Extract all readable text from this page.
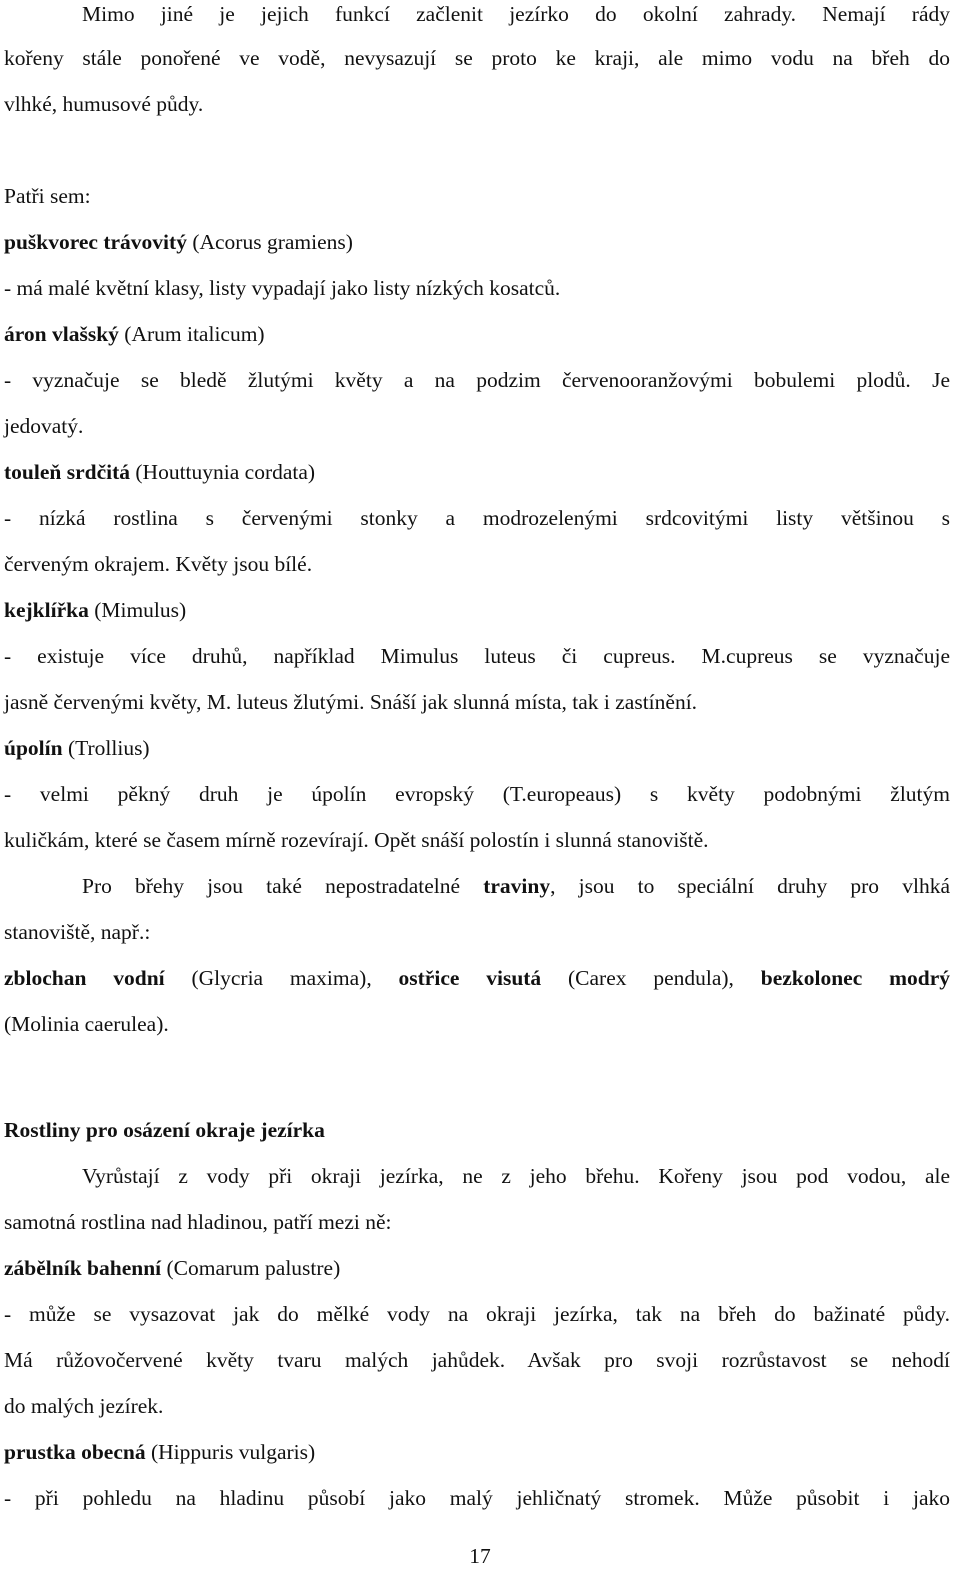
Mimo jiné je jejich funkcí začlenit jezírko do okolní zahrady. Nemají rády
kořeny stále ponořené ve vodě, nevysazují se proto ke kraji, ale mimo vodu na břeh do
vlhké, humusové půdy.
Patři sem:
puškvorec trávovitý (Acorus gramiens)
- má malé květní klasy, listy vypadají jako listy nízkých kosatců.
áron vlašský (Arum italicum)
- vyznačuje se bledě žlutými květy a na podzim červenooranžovými bobulemi plodů. Je
jedovatý.
touleň srdčitá (Houttuynia cordata)
- nízká rostlina s červenými stonky a modrozelenými srdcovitými listy většinou s
červeným okrajem. Květy jsou bílé.
kejklířka (Mimulus)
- existuje více druhů, například Mimulus luteus či cupreus. M.cupreus se vyznačuje
jasně červenými květy, M. luteus žlutými. Snáší jak slunná místa, tak i zastínění.
úpolín (Trollius)
- velmi pěkný druh je úpolín evropský (T.europeaus) s květy podobnými žlutým
kuličkám, které se časem mírně rozevírají. Opět snáší polostín i slunná stanoviště.
Pro břehy jsou také nepostradatelné traviny, jsou to speciální druhy pro vlhká
stanoviště, např.:
zblochan vodní (Glycria maxima), ostřice visutá (Carex pendula), bezkolonec modrý
(Molinia caerulea).
Rostliny pro osázení okraje jezírka
Vyrůstají z vody při okraji jezírka, ne z jeho břehu. Kořeny jsou pod vodou, ale
samotná rostlina nad hladinou, patří mezi ně:
zábělník bahenní (Comarum palustre)
- může se vysazovat jak do mělké vody na okraji jezírka, tak na břeh do bažinaté půdy.
Má růžovočervené květy tvaru malých jahůdek. Avšak pro svoji rozrůstavost se nehodí
do malých jezírek.
prustka obecná (Hippuris vulgaris)
- při pohledu na hladinu působí jako malý jehličnatý stromek. Může působit i jako
17
